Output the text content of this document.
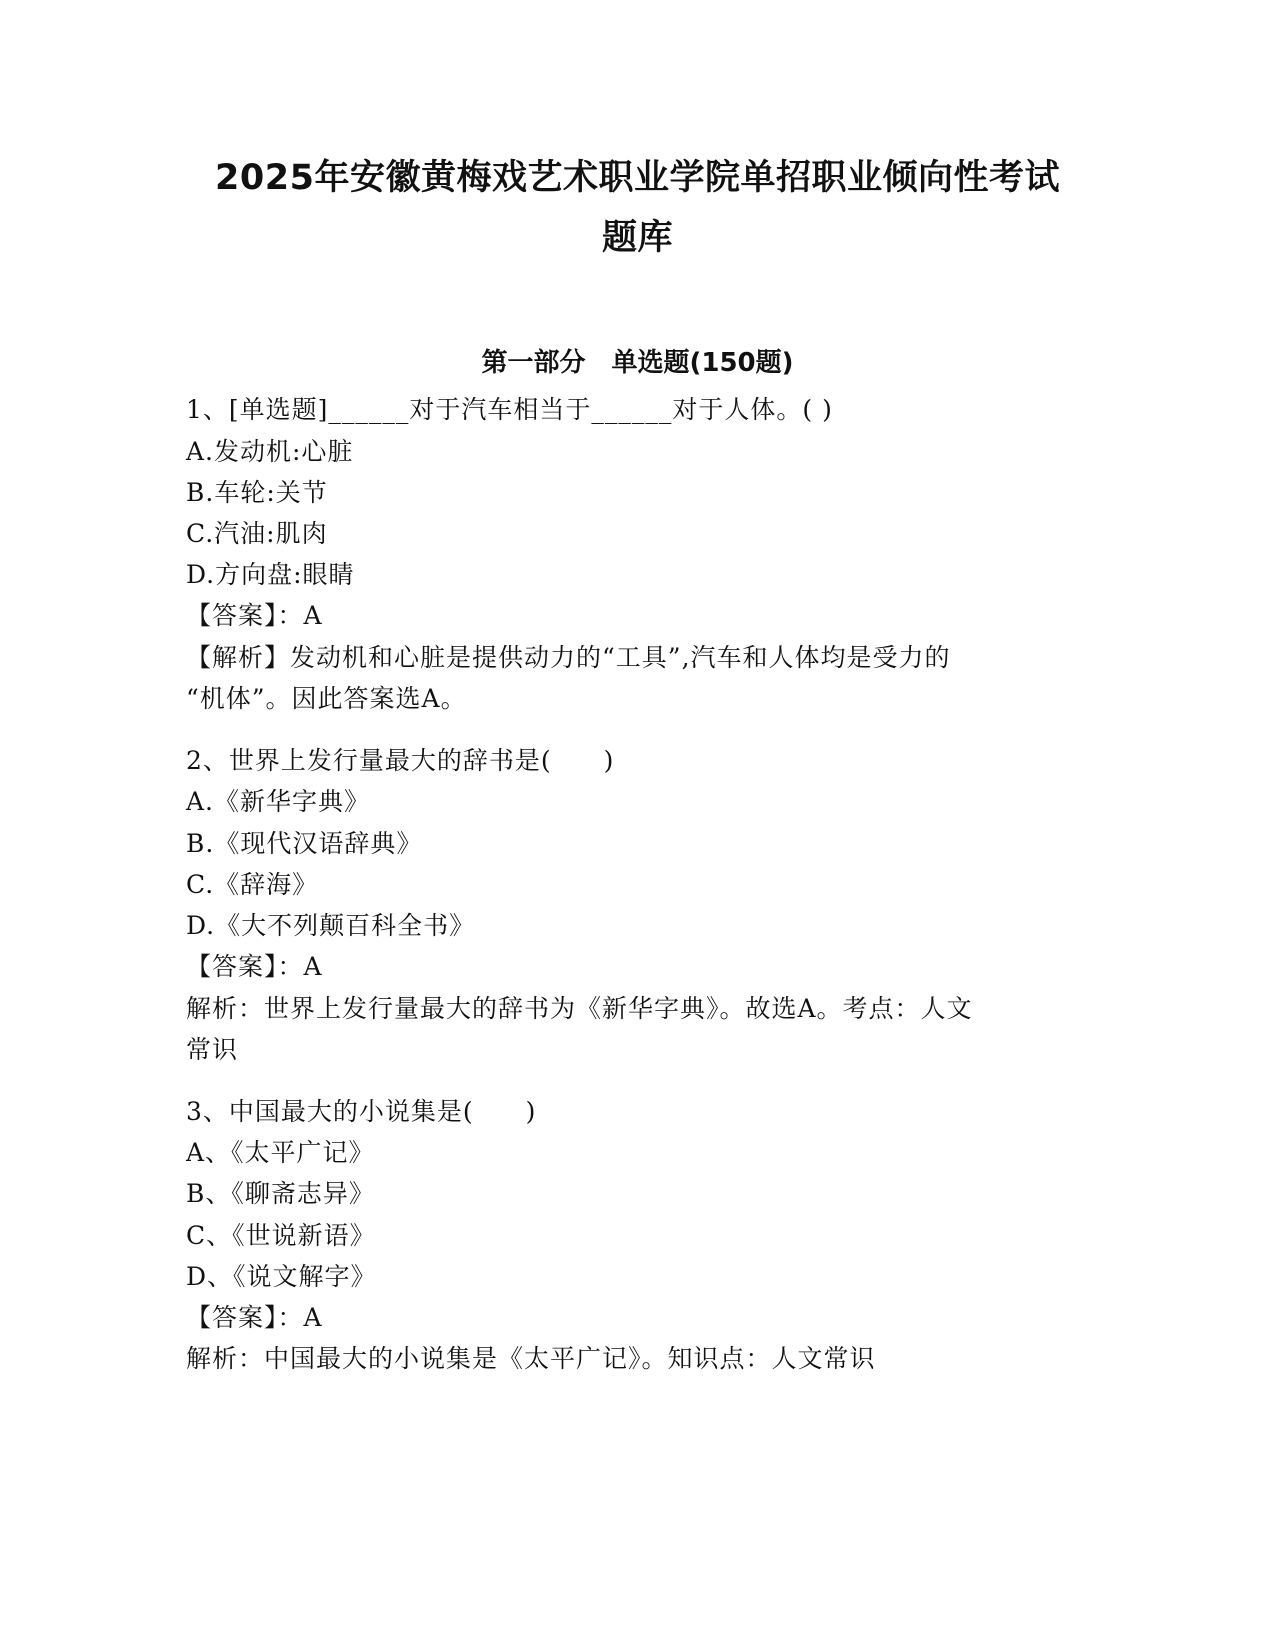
2025年安徽黄梅戏艺术职业学院单招职业倾向性考试
题库
第一部分　单选题(150题)
1、[单选题]______对于汽车相当于______对于人体。( )
A.发动机:心脏
B.车轮:关节
C.汽油:肌肉
D.方向盘:眼睛
【答案】：A
【解析】发动机和心脏是提供动力的“工具”,汽车和人体均是受力的
“机体”。因此答案选A。
2、世界上发行量最大的辞书是(　　)
A.《新华字典》
B.《现代汉语辞典》
C.《辞海》
D.《大不列颠百科全书》
【答案】：A
解析：世界上发行量最大的辞书为《新华字典》。故选A。考点：人文
常识
3、中国最大的小说集是(　　)
A、《太平广记》
B、《聊斋志异》
C、《世说新语》
D、《说文解字》
【答案】：A
解析：中国最大的小说集是《太平广记》。知识点：人文常识
